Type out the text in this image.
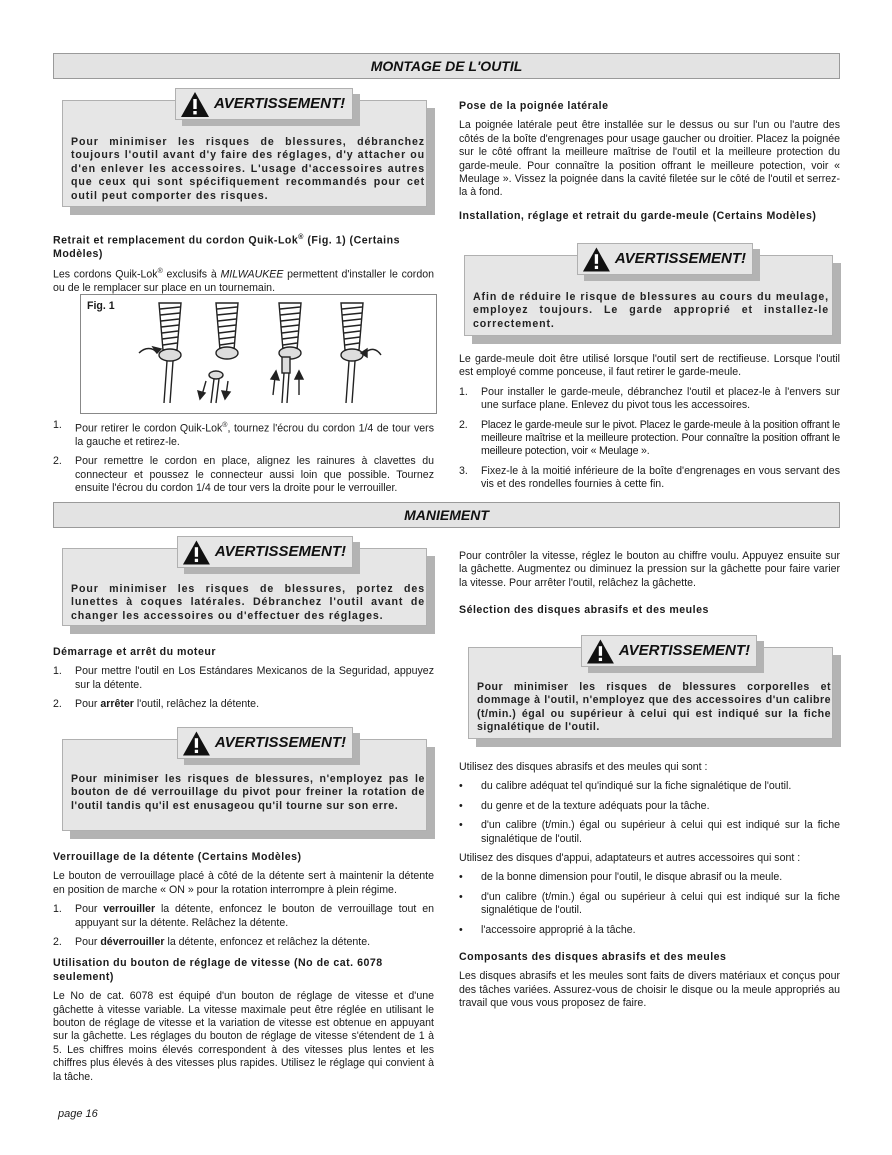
MONTAGE DE L'OUTIL
AVERTISSEMENT!
Pour minimiser les risques de blessures, débranchez toujours l'outil avant d'y faire des réglages, d'y attacher ou d'en enlever les accessoires. L'usage d'accessoires autres que ceux qui sont spécifiquement recommandés pour cet outil peut comporter des risques.
Retrait et remplacement du cordon Quik-Lok® (Fig. 1) (Certains Modèles)

Les cordons Quik-Lok® exclusifs à MILWAUKEE permettent d'installer le cordon ou de le remplacer sur place en un tournemain.

Fig. 1
1. Pour retirer le cordon Quik-Lok®, tournez l'écrou du cordon 1/4 de tour vers la gauche et retirez-le.
2. Pour remettre le cordon en place, alignez les rainures à clavettes du connecteur et poussez le connecteur aussi loin que possible. Tournez ensuite l'écrou du cordon 1/4 de tour vers la droite pour le verrouiller.
Pose de la poignée latérale

La poignée latérale peut être installée sur le dessus ou sur l'un ou l'autre des côtés de la boîte d'engrenages pour usage gaucher ou droitier. Placez la poignée sur le côté offrant la meilleure maîtrise de l'outil et la meilleure protection du garde-meule. Pour connaître la position offrant le meilleure potection, voir « Meulage ». Vissez la poignée dans la cavité filetée sur le côté de l'outil et serrez-la à fond.

Installation, réglage et retrait du garde-meule (Certains Modèles)
AVERTISSEMENT!
Afin de réduire le risque de blessures au cours du meulage, employez toujours. Le garde approprié et installez-le correctement.

Le garde-meule doit être utilisé lorsque l'outil sert de rectifieuse. Lorsque l'outil est employé comme ponceuse, il faut retirer le garde-meule.

1. Pour installer le garde-meule, débranchez l'outil et placez-le à l'envers sur une surface plane. Enlevez du pivot tous les accessoires.
2. Placez le garde-meule sur le pivot. Placez le garde-meule à la position offrant le meilleure maîtrise et la meilleure protection. Pour connaître la position offrant le meilleure potection, voir « Meulage ».
3. Fixez-le à la moitié inférieure de la boîte d'engrenages en vous servant des vis et des rondelles fournies à cette fin.
MANIEMENT
AVERTISSEMENT!
Pour minimiser les risques de blessures, portez des lunettes à coques latérales. Débranchez l'outil avant de changer les accessoires ou d'effectuer des réglages.
Démarrage et arrêt du moteur
1. Pour mettre l'outil en Los Estándares Mexicanos de la Seguridad, appuyez sur la détente.
2. Pour arrêter l'outil, relâchez la détente.
AVERTISSEMENT!
Pour minimiser les risques de blessures, n'employez pas le bouton de dé verrouillage du pivot pour freiner la rotation de l'outil tandis qu'il est enusageou qu'il tourne sur son erre.
Verrouillage de la détente (Certains Modèles)

Le bouton de verrouillage placé à côté de la détente sert à maintenir la détente en position de marche « ON » pour la rotation interrompre à plein régime.

1. Pour verrouiller la détente, enfoncez le bouton de verrouillage tout en appuyant sur la détente. Relâchez la détente.
2. Pour déverrouiller la détente, enfoncez et relâchez la détente.
Utilisation du bouton de réglage de vitesse (No de cat. 6078 seulement)

Le No de cat. 6078 est équipé d'un bouton de réglage de vitesse et d'une gâchette à vitesse variable. La vitesse maximale peut être réglée en utilisant le bouton de réglage de vitesse et la variation de vitesse est obtenue en appuyant sur la gâchette. Les réglages du bouton de réglage de vitesse s'étendent de 1 à 5. Les chiffres moins élevés correspondent à des vitesses plus lentes et les chiffres plus élevés à des vitesses plus rapides. Utilisez le réglage qui convient à la tâche.

Pour contrôler la vitesse, réglez le bouton au chiffre voulu. Appuyez ensuite sur la gâchette. Augmentez ou diminuez la pression sur la gâchette pour faire varier la vitesse. Pour arrêter l'outil, relâchez la gâchette.

Sélection des disques abrasifs et des meules
AVERTISSEMENT!
Pour minimiser les risques de blessures corporelles et dommage à l'outil, n'employez que des accessoires d'un calibre (t/min.) égal ou supérieur à celui qui est indiqué sur la fiche signalétique de l'outil.

Utilisez des disques abrasifs et des meules qui sont :

• du calibre adéquat tel qu'indiqué sur la fiche signalétique de l'outil.
• du genre et de la texture adéquats pour la tâche.
• d'un calibre (t/min.) égal ou supérieur à celui qui est indiqué sur la fiche signalétique de l'outil.

Utilisez des disques d'appui, adaptateurs et autres accessoires qui sont :

• de la bonne dimension pour l'outil, le disque abrasif ou la meule.
• d'un calibre (t/min.) égal ou supérieur à celui qui est indiqué sur la fiche signalétique de l'outil.
• l'accessoire approprié à la tâche.
Composants des disques abrasifs et des meules

Les disques abrasifs et les meules sont faits de divers matériaux et conçus pour des tâches variées. Assurez-vous de choisir le disque ou la meule appropriés au travail que vous vous proposez de faire.

page 16
